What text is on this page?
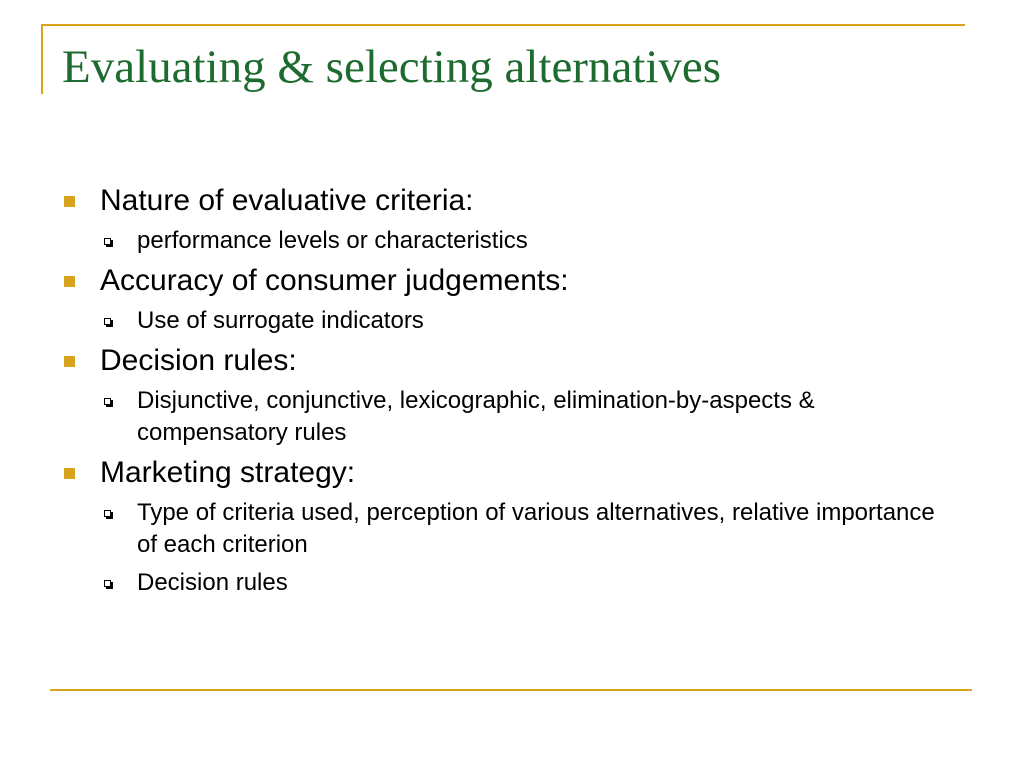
Evaluating & selecting alternatives
Nature of evaluative criteria:
performance levels or characteristics
Accuracy of consumer judgements:
Use of surrogate indicators
Decision rules:
Disjunctive, conjunctive, lexicographic, elimination-by-aspects & compensatory rules
Marketing strategy:
Type of criteria used, perception of various alternatives, relative importance of each criterion
Decision rules
